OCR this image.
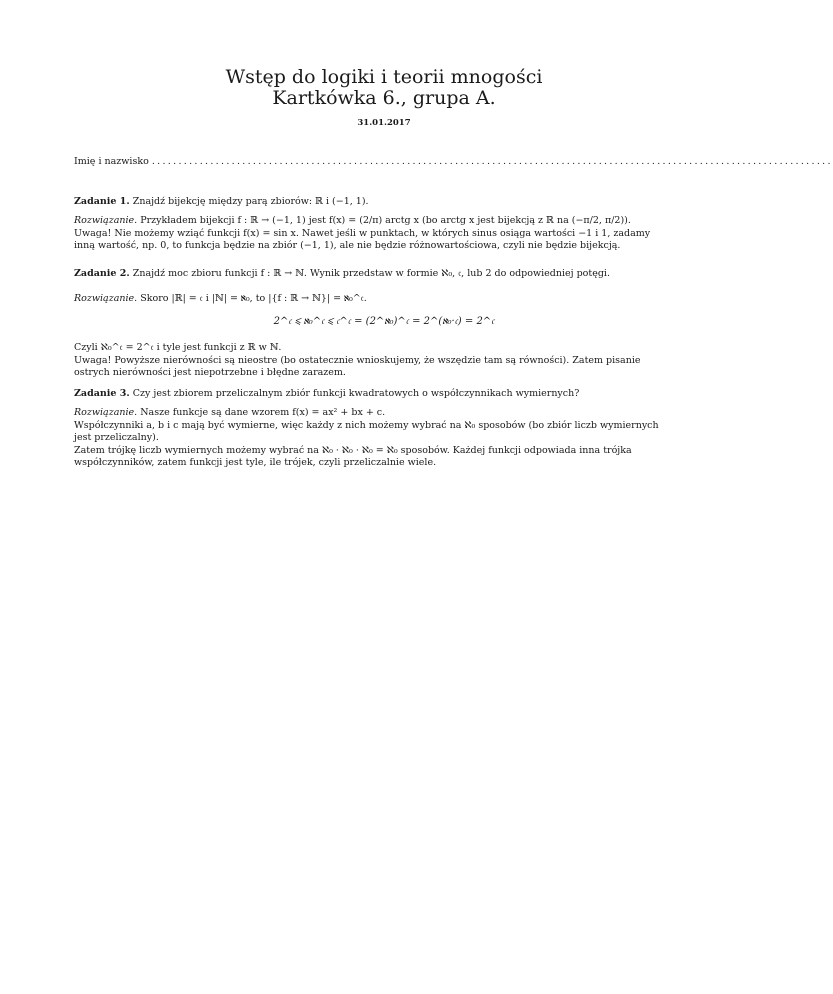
Wstęp do logiki i teorii mnogości
Kartkówka 6., grupa A.
31.01.2017
Imię i nazwisko ................................................................................................................................
Zadanie 1. Znajdź bijekcję między parą zbiorów: ℝ i (−1, 1).
Rozwiązanie. Przykładem bijekcji f : ℝ → (−1, 1) jest f(x) = (2/π) arctg x (bo arctg x jest bijekcją z ℝ na (−π/2, π/2)).
Uwaga! Nie możemy wziąć funkcji f(x) = sin x. Nawet jeśli w punktach, w których sinus osiąga wartości −1 i 1, zadamy
inną wartość, np. 0, to funkcja będzie na zbiór (−1, 1), ale nie będzie różnowartościowa, czyli nie będzie bijekcją.
Zadanie 2. Znajdź moc zbioru funkcji f : ℝ → ℕ. Wynik przedstaw w formie ℵ₀, 𝔠, lub 2 do odpowiedniej potęgi.
Rozwiązanie. Skoro |ℝ| = 𝔠 i |ℕ| = ℵ₀, to |{f : ℝ → ℕ}| = ℵ₀^𝔠.
2^𝔠 ⩽ ℵ₀^𝔠 ⩽ 𝔠^𝔠 = (2^ℵ₀)^𝔠 = 2^(ℵ₀·𝔠) = 2^𝔠
Czyli ℵ₀^𝔠 = 2^𝔠 i tyle jest funkcji z ℝ w ℕ.
Uwaga! Powyższe nierówności są nieostre (bo ostatecznie wnioskujemy, że wszędzie tam są równości). Zatem pisanie
ostrych nierówności jest niepotrzebne i błędne zarazem.
Zadanie 3. Czy jest zbiorem przeliczalnym zbiór funkcji kwadratowych o współczynnikach wymiernych?
Rozwiązanie. Nasze funkcje są dane wzorem f(x) = ax² + bx + c.
Współczynniki a, b i c mają być wymierne, więc każdy z nich możemy wybrać na ℵ₀ sposobów (bo zbiór liczb wymiernych
jest przeliczalny).
Zatem trójkę liczb wymiernych możemy wybrać na ℵ₀ · ℵ₀ · ℵ₀ = ℵ₀ sposobów. Każdej funkcji odpowiada inna trójka
współczynników, zatem funkcji jest tyle, ile trójek, czyli przeliczalnie wiele.
